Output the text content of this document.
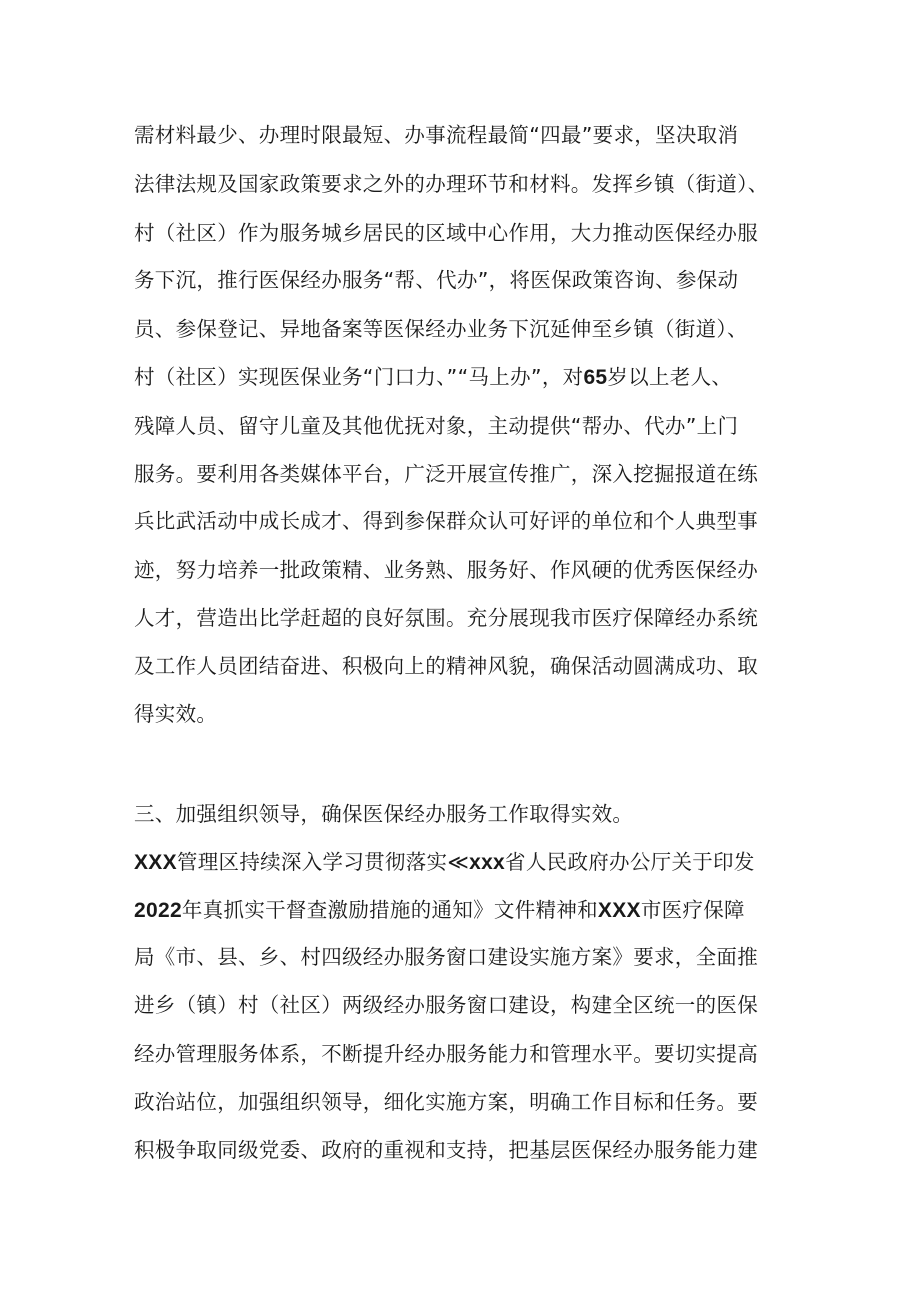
需材料最少、办理时限最短、办事流程最简“四最”要求，坚决取消
法律法规及国家政策要求之外的办理环节和材料。发挥乡镇（街道）、
村（社区）作为服务城乡居民的区域中心作用，大力推动医保经办服
务下沉，推行医保经办服务“帮、代办”，将医保政策咨询、参保动
员、参保登记、异地备案等医保经办业务下沉延伸至乡镇（街道）、
村（社区）实现医保业务“门口力、”“马上办”，对65岁以上老人、
残障人员、留守儿童及其他优抚对象，主动提供“帮办、代办”上门
服务。要利用各类媒体平台，广泛开展宣传推广，深入挖掘报道在练
兵比武活动中成长成才、得到参保群众认可好评的单位和个人典型事
迹，努力培养一批政策精、业务熟、服务好、作风硬的优秀医保经办
人才，营造出比学赶超的良好氛围。充分展现我市医疗保障经办系统
及工作人员团结奋进、积极向上的精神风貌，确保活动圆满成功、取
得实效。
三、加强组织领导，确保医保经办服务工作取得实效。
XXX管理区持续深入学习贯彻落实≪xxx省人民政府办公厅关于印发
2022年真抓实干督查激励措施的通知》文件精神和XXX市医疗保障
局《市、县、乡、村四级经办服务窗口建设实施方案》要求，全面推
进乡（镇）村（社区）两级经办服务窗口建设，构建全区统一的医保
经办管理服务体系，不断提升经办服务能力和管理水平。要切实提高
政治站位，加强组织领导，细化实施方案，明确工作目标和任务。要
积极争取同级党委、政府的重视和支持，把基层医保经办服务能力建
